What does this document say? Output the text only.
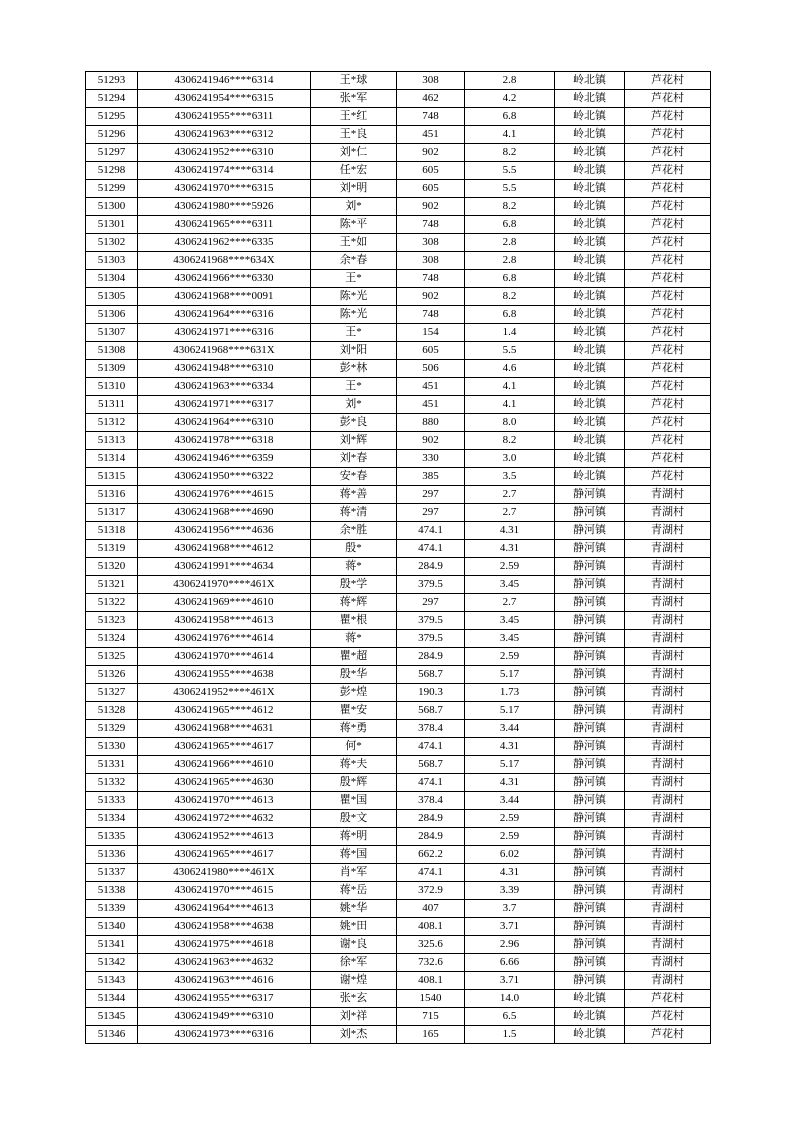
51293	4306241946****6314	王*球	308	2.8	岭北镇	芦花村
51294	4306241954****6315	张*军	462	4.2	岭北镇	芦花村
51295	4306241955****6311	王*红	748	6.8	岭北镇	芦花村
51296	4306241963****6312	王*良	451	4.1	岭北镇	芦花村
51297	4306241952****6310	刘*仁	902	8.2	岭北镇	芦花村
51298	4306241974****6314	任*宏	605	5.5	岭北镇	芦花村
51299	4306241970****6315	刘*明	605	5.5	岭北镇	芦花村
51300	4306241980****5926	刘*	902	8.2	岭北镇	芦花村
51301	4306241965****6311	陈*平	748	6.8	岭北镇	芦花村
51302	4306241962****6335	王*如	308	2.8	岭北镇	芦花村
51303	4306241968****634X	余*春	308	2.8	岭北镇	芦花村
51304	4306241966****6330	王*	748	6.8	岭北镇	芦花村
51305	4306241968****0091	陈*光	902	8.2	岭北镇	芦花村
51306	4306241964****6316	陈*光	748	6.8	岭北镇	芦花村
51307	4306241971****6316	王*	154	1.4	岭北镇	芦花村
51308	4306241968****631X	刘*阳	605	5.5	岭北镇	芦花村
51309	4306241948****6310	彭*林	506	4.6	岭北镇	芦花村
51310	4306241963****6334	王*	451	4.1	岭北镇	芦花村
51311	4306241971****6317	刘*	451	4.1	岭北镇	芦花村
51312	4306241964****6310	彭*良	880	8.0	岭北镇	芦花村
51313	4306241978****6318	刘*辉	902	8.2	岭北镇	芦花村
51314	4306241946****6359	刘*春	330	3.0	岭北镇	芦花村
51315	4306241950****6322	安*春	385	3.5	岭北镇	芦花村
51316	4306241976****4615	蒋*善	297	2.7	静河镇	青湖村
51317	4306241968****4690	蒋*清	297	2.7	静河镇	青湖村
51318	4306241956****4636	余*胜	474.1	4.31	静河镇	青湖村
51319	4306241968****4612	殷*	474.1	4.31	静河镇	青湖村
51320	4306241991****4634	蒋*	284.9	2.59	静河镇	青湖村
51321	4306241970****461X	殷*学	379.5	3.45	静河镇	青湖村
51322	4306241969****4610	蒋*辉	297	2.7	静河镇	青湖村
51323	4306241958****4613	瞿*根	379.5	3.45	静河镇	青湖村
51324	4306241976****4614	蒋*	379.5	3.45	静河镇	青湖村
51325	4306241970****4614	瞿*超	284.9	2.59	静河镇	青湖村
51326	4306241955****4638	殷*华	568.7	5.17	静河镇	青湖村
51327	4306241952****461X	彭*煌	190.3	1.73	静河镇	青湖村
51328	4306241965****4612	瞿*安	568.7	5.17	静河镇	青湖村
51329	4306241968****4631	蒋*勇	378.4	3.44	静河镇	青湖村
51330	4306241965****4617	何*	474.1	4.31	静河镇	青湖村
51331	4306241966****4610	蒋*夫	568.7	5.17	静河镇	青湖村
51332	4306241965****4630	殷*辉	474.1	4.31	静河镇	青湖村
51333	4306241970****4613	瞿*国	378.4	3.44	静河镇	青湖村
51334	4306241972****4632	殷*文	284.9	2.59	静河镇	青湖村
51335	4306241952****4613	蒋*明	284.9	2.59	静河镇	青湖村
51336	4306241965****4617	蒋*国	662.2	6.02	静河镇	青湖村
51337	4306241980****461X	肖*军	474.1	4.31	静河镇	青湖村
51338	4306241970****4615	蒋*岳	372.9	3.39	静河镇	青湖村
51339	4306241964****4613	姚*华	407	3.7	静河镇	青湖村
51340	4306241958****4638	姚*田	408.1	3.71	静河镇	青湖村
51341	4306241975****4618	谢*良	325.6	2.96	静河镇	青湖村
51342	4306241963****4632	徐*军	732.6	6.66	静河镇	青湖村
51343	4306241963****4616	谢*煌	408.1	3.71	静河镇	青湖村
51344	4306241955****6317	张*玄	1540	14.0	岭北镇	芦花村
51345	4306241949****6310	刘*祥	715	6.5	岭北镇	芦花村
51346	4306241973****6316	刘*杰	165	1.5	岭北镇	芦花村
